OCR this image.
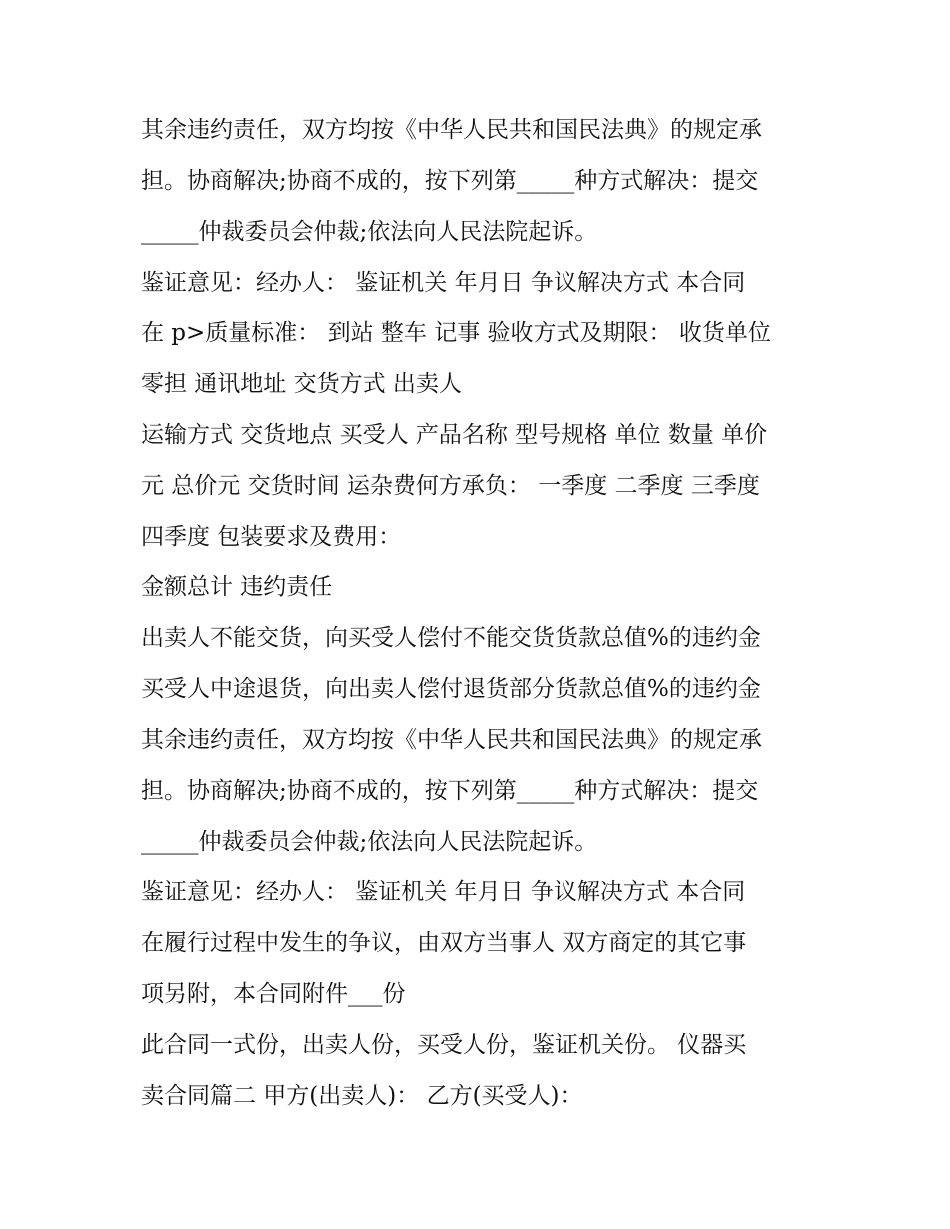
其余违约责任，双方均按《中华人民共和国民法典》的规定承

担。协商解决;协商不成的，按下列第_____种方式解决：提交

_____仲裁委员会仲裁;依法向人民法院起诉。

鉴证意见：经办人： 鉴证机关 年月日 争议解决方式 本合同

在 p>质量标准： 到站 整车 记事 验收方式及期限： 收货单位

零担 通讯地址 交货方式 出卖人

运输方式 交货地点 买受人 产品名称 型号规格 单位 数量 单价

元 总价元 交货时间 运杂费何方承负： 一季度 二季度 三季度

四季度 包装要求及费用：

金额总计 违约责任

出卖人不能交货，向买受人偿付不能交货货款总值%的违约金

买受人中途退货，向出卖人偿付退货部分货款总值%的违约金

其余违约责任，双方均按《中华人民共和国民法典》的规定承

担。协商解决;协商不成的，按下列第_____种方式解决：提交

_____仲裁委员会仲裁;依法向人民法院起诉。

鉴证意见：经办人： 鉴证机关 年月日 争议解决方式 本合同

在履行过程中发生的争议，由双方当事人 双方商定的其它事

项另附，本合同附件___份

此合同一式份，出卖人份，买受人份，鉴证机关份。 仪器买

卖合同篇二 甲方(出卖人)： 乙方(买受人)：
